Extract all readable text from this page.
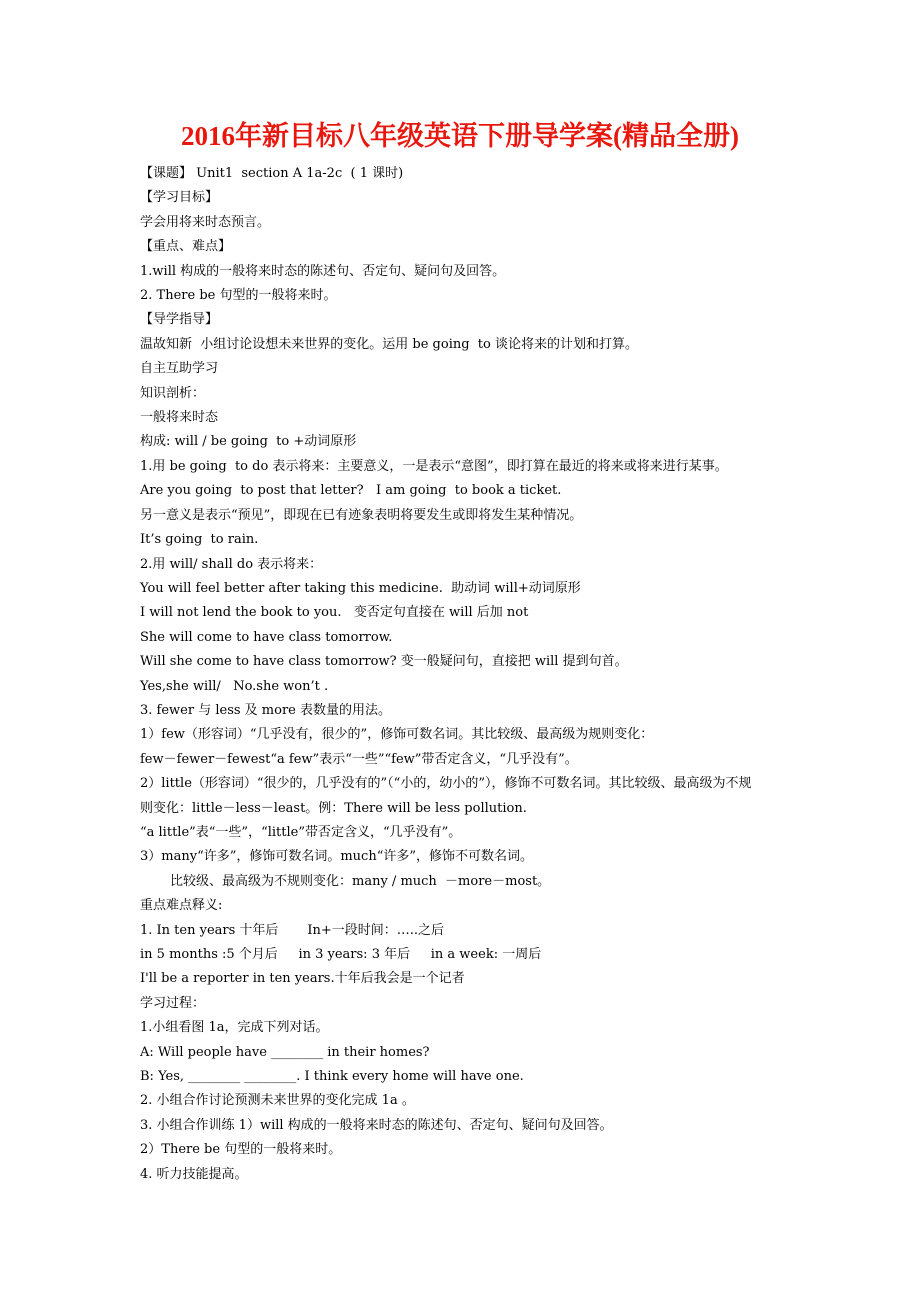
2016年新目标八年级英语下册导学案(精品全册)

【课题】 Unit1  section A 1a-2c  ( 1 课时)

【学习目标】

学会用将来时态预言。

【重点、难点】

1.will 构成的一般将来时态的陈述句、否定句、疑问句及回答。

2. There be 句型的一般将来时。

【导学指导】

温故知新  小组讨论设想未来世界的变化。运用 be going  to 谈论将来的计划和打算。

自主互助学习

知识剖析：

一般将来时态

构成: will / be going  to +动词原形

1.用 be going  to do 表示将来：主要意义，一是表示“意图”，即打算在最近的将来或将来进行某事。

Are you going  to post that letter?   I am going  to book a ticket.

另一意义是表示“预见”，即现在已有迹象表明将要发生或即将发生某种情况。

It’s going  to rain.

2.用 will/ shall do 表示将来：

You will feel better after taking this medicine.  助动词 will+动词原形

I will not lend the book to you.   变否定句直接在 will 后加 not

She will come to have class tomorrow.

Will she come to have class tomorrow? 变一般疑问句，直接把 will 提到句首。

Yes,she will/   No.she won’t .

3. fewer 与 less 及 more 表数量的用法。

1）few（形容词）“几乎没有，很少的”，修饰可数名词。其比较级、最高级为规则变化：

few－fewer－fewest“a few”表示“一些”“few”带否定含义，“几乎没有”。

2）little（形容词）“很少的，几乎没有的”（“小的，幼小的”），修饰不可数名词。其比较级、最高级为不规

则变化：little－less－least。例：There will be less pollution.

“a little”表“一些”，“little”带否定含义，“几乎没有”。

3）many“许多”，修饰可数名词。much“许多”，修饰不可数名词。

比较级、最高级为不规则变化：many / much  －more－most。

重点难点释义:

1. In ten years 十年后       In+一段时间：…..之后

in 5 months :5 个月后     in 3 years: 3 年后     in a week: 一周后

I'll be a reporter in ten years.十年后我会是一个记者

学习过程：

1.小组看图 1a，完成下列对话。

A: Will people have ________ in their homes?

B: Yes, ________ ________. I think every home will have one.

2. 小组合作讨论预测未来世界的变化完成 1a 。

3. 小组合作训练 1）will 构成的一般将来时态的陈述句、否定句、疑问句及回答。

2）There be 句型的一般将来时。

4. 听力技能提高。
